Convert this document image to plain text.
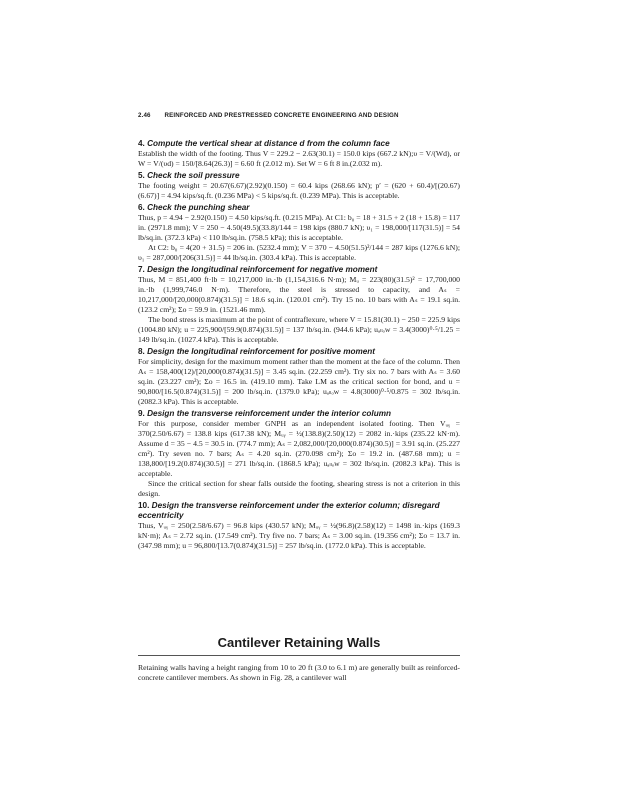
2.46 REINFORCED AND PRESTRESSED CONCRETE ENGINEERING AND DESIGN
4. Compute the vertical shear at distance d from the column face

Establish the width of the footing. Thus V = 229.2 − 2.63(30.1) = 150.0 kips (667.2 kN);υ = V/(Wd), or W = V/(υd) = 150/[8.64(26.3)] = 6.60 ft (2.012 m). Set W = 6 ft 8 in.(2.032 m).

5. Check the soil pressure

The footing weight = 20.67(6.67)(2.92)(0.150) = 60.4 kips (268.66 kN); p′ = (620 + 60.4)/[(20.67)(6.67)] = 4.94 kips/sq.ft. (0.236 MPa) < 5 kips/sq.ft. (0.239 MPa). This is acceptable.

6. Check the punching shear

Thus, p = 4.94 − 2.92(0.150) = 4.50 kips/sq.ft. (0.215 MPa). At C1: b₀ = 18 + 31.5 + 2 (18 + 15.8) = 117 in. (2971.8 mm); V = 250 − 4.50(49.5)(33.8)/144 = 198 kips (880.7 kN); υ₁ = 198,000/[117(31.5)] = 54 lb/sq.in. (372.3 kPa) < 110 lb/sq.in. (758.5 kPa); this is acceptable.

At C2: b₀ = 4(20 + 31.5) = 206 in. (5232.4 mm); V = 370 − 4.50(51.5)²/144 = 287 kips (1276.6 kN); υ₁ = 287,000/[206(31.5)] = 44 lb/sq.in. (303.4 kPa). This is acceptable.

7. Design the longitudinal reinforcement for negative moment

Thus, M = 851,400 ft·lb = 10,217,000 in.·lb (1,154,316.6 N·m); Mᵤ = 223(80)(31.5)² = 17,700,000 in.·lb (1,999,746.0 N·m). Therefore, the steel is stressed to capacity, and Aₛ = 10,217,000/[20,000(0.874)(31.5)] = 18.6 sq.in. (120.01 cm²). Try 15 no. 10 bars with Aₛ = 19.1 sq.in. (123.2 cm²); Σo = 59.9 in. (1521.46 mm).

The bond stress is maximum at the point of contraflexure, where V = 15.81(30.1) − 250 = 225.9 kips (1004.80 kN); u = 225,900/[59.9(0.874)(31.5)] = 137 lb/sq.in. (944.6 kPa); uₐₗₗₒw = 3.4(3000)⁰·⁵/1.25 = 149 lb/sq.in. (1027.4 kPa). This is acceptable.

8. Design the longitudinal reinforcement for positive moment

For simplicity, design for the maximum moment rather than the moment at the face of the column. Then Aₛ = 158,400(12)/[20,000(0.874)(31.5)] = 3.45 sq.in. (22.259 cm²). Try six no. 7 bars with Aₛ = 3.60 sq.in. (23.227 cm²); Σo = 16.5 in. (419.10 mm). Take LM as the critical section for bond, and u = 90,800/[16.5(0.874)(31.5)] = 200 lb/sq.in. (1379.0 kPa); uₐₗₗₒw = 4.8(3000)⁰·⁵/0.875 = 302 lb/sq.in. (2082.3 kPa). This is acceptable.

9. Design the transverse reinforcement under the interior column

For this purpose, consider member GNPH as an independent isolated footing. Then Vᵤᵧ = 370(2.50/6.67) = 138.8 kips (617.38 kN); Mᵤᵧ = ½(138.8)(2.50)(12) = 2082 in.·kips (235.22 kN·m). Assume d = 35 − 4.5 = 30.5 in. (774.7 mm); Aₛ = 2,082,000/[20,000(0.874)(30.5)] = 3.91 sq.in. (25.227 cm²). Try seven no. 7 bars; Aₛ = 4.20 sq.in. (270.098 cm²); Σo = 19.2 in. (487.68 mm); u = 138,800/[19.2(0.874)(30.5)] = 271 lb/sq.in. (1868.5 kPa); uₐₗₗₒw = 302 lb/sq.in. (2082.3 kPa). This is acceptable.

Since the critical section for shear falls outside the footing, shearing stress is not a criterion in this design.

10. Design the transverse reinforcement under the exterior column; disregard eccentricity

Thus, Vᵤᵧ = 250(2.58/6.67) = 96.8 kips (430.57 kN); Mᵤᵧ = ½(96.8)(2.58)(12) = 1498 in.·kips (169.3 kN·m); Aₛ = 2.72 sq.in. (17.549 cm²). Try five no. 7 bars; Aₛ = 3.00 sq.in. (19.356 cm²); Σo = 13.7 in. (347.98 mm); u = 96,800/[13.7(0.874)(31.5)] = 257 lb/sq.in. (1772.0 kPa). This is acceptable.

Cantilever Retaining Walls

Retaining walls having a height ranging from 10 to 20 ft (3.0 to 6.1 m) are generally built as reinforced-concrete cantilever members. As shown in Fig. 28, a cantilever wall
